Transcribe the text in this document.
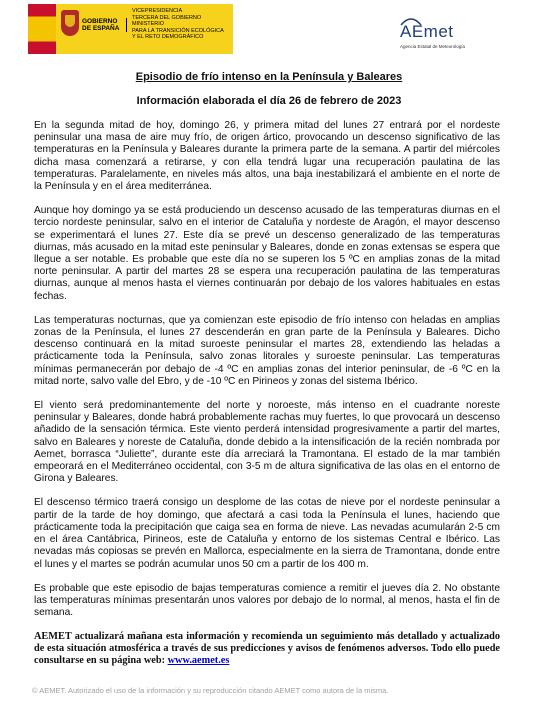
GOBIERNO DE ESPAÑA
VICEPRESIDENCIA
TERCERA DEL GOBIERNO
MINISTERIO
PARA LA TRANSICIÓN ECOLÓGICA
Y EL RETO DEMOGRÁFICO	AEmet
Agencia Estatal de Meteorología
Episodio de frío intenso en la Península y Baleares
Información elaborada el día 26 de febrero de 2023

En la segunda mitad de hoy, domingo 26, y primera mitad del lunes 27 entrará por el nordeste peninsular una masa de aire muy frío, de origen ártico, provocando un descenso significativo de las temperaturas en la Península y Baleares durante la primera parte de la semana. A partir del miércoles dicha masa comenzará a retirarse, y con ella tendrá lugar una recuperación paulatina de las temperaturas. Paralelamente, en niveles más altos, una baja inestabilizará el ambiente en el norte de la Península y en el área mediterránea.

Aunque hoy domingo ya se está produciendo un descenso acusado de las temperaturas diurnas en el tercio nordeste peninsular, salvo en el interior de Cataluña y nordeste de Aragón, el mayor descenso se experimentará el lunes 27. Este día se prevé un descenso generalizado de las temperaturas diurnas, más acusado en la mitad este peninsular y Baleares, donde en zonas extensas se espera que llegue a ser notable. Es probable que este día no se superen los 5 ºC en amplias zonas de la mitad norte peninsular. A partir del martes 28 se espera una recuperación paulatina de las temperaturas diurnas, aunque al menos hasta el viernes continuarán por debajo de los valores habituales en estas fechas.

Las temperaturas nocturnas, que ya comienzan este episodio de frío intenso con heladas en amplias zonas de la Península, el lunes 27 descenderán en gran parte de la Península y Baleares. Dicho descenso continuará en la mitad suroeste peninsular el martes 28, extendiendo las heladas a prácticamente toda la Península, salvo zonas litorales y suroeste peninsular. Las temperaturas mínimas permanecerán por debajo de -4 ºC en amplias zonas del interior peninsular, de -6 ºC en la mitad norte, salvo valle del Ebro, y de -10 ºC en Pirineos y zonas del sistema Ibérico.

El viento será predominantemente del norte y noroeste, más intenso en el cuadrante noreste peninsular y Baleares, donde habrá probablemente rachas muy fuertes, lo que provocará un descenso añadido de la sensación térmica. Este viento perderá intensidad progresivamente a partir del martes, salvo en Baleares y noreste de Cataluña, donde debido a la intensificación de la recién nombrada por Aemet, borrasca “Juliette”, durante este día arreciará la Tramontana. El estado de la mar también empeorará en el Mediterráneo occidental, con 3-5 m de altura significativa de las olas en el entorno de Girona y Baleares.

El descenso térmico traerá consigo un desplome de las cotas de nieve por el nordeste peninsular a partir de la tarde de hoy domingo, que afectará a casi toda la Península el lunes, haciendo que prácticamente toda la precipitación que caiga sea en forma de nieve. Las nevadas acumularán 2-5 cm en el área Cantábrica, Pirineos, este de Cataluña y entorno de los sistemas Central e Ibérico. Las nevadas más copiosas se prevén en Mallorca, especialmente en la sierra de Tramontana, donde entre el lunes y el martes se podrán acumular unos 50 cm a partir de los 400 m.

Es probable que este episodio de bajas temperaturas comience a remitir el jueves día 2. No obstante las temperaturas mínimas presentarán unos valores por debajo de lo normal, al menos, hasta el fin de semana.

AEMET actualizará mañana esta información y recomienda un seguimiento más detallado y actualizado de esta situación atmosférica a través de sus predicciones y avisos de fenómenos adversos. Todo ello puede consultarse en su página web: www.aemet.es

© AEMET. Autorizado el uso de la información y su reproducción citando AEMET como autora de la misma.
